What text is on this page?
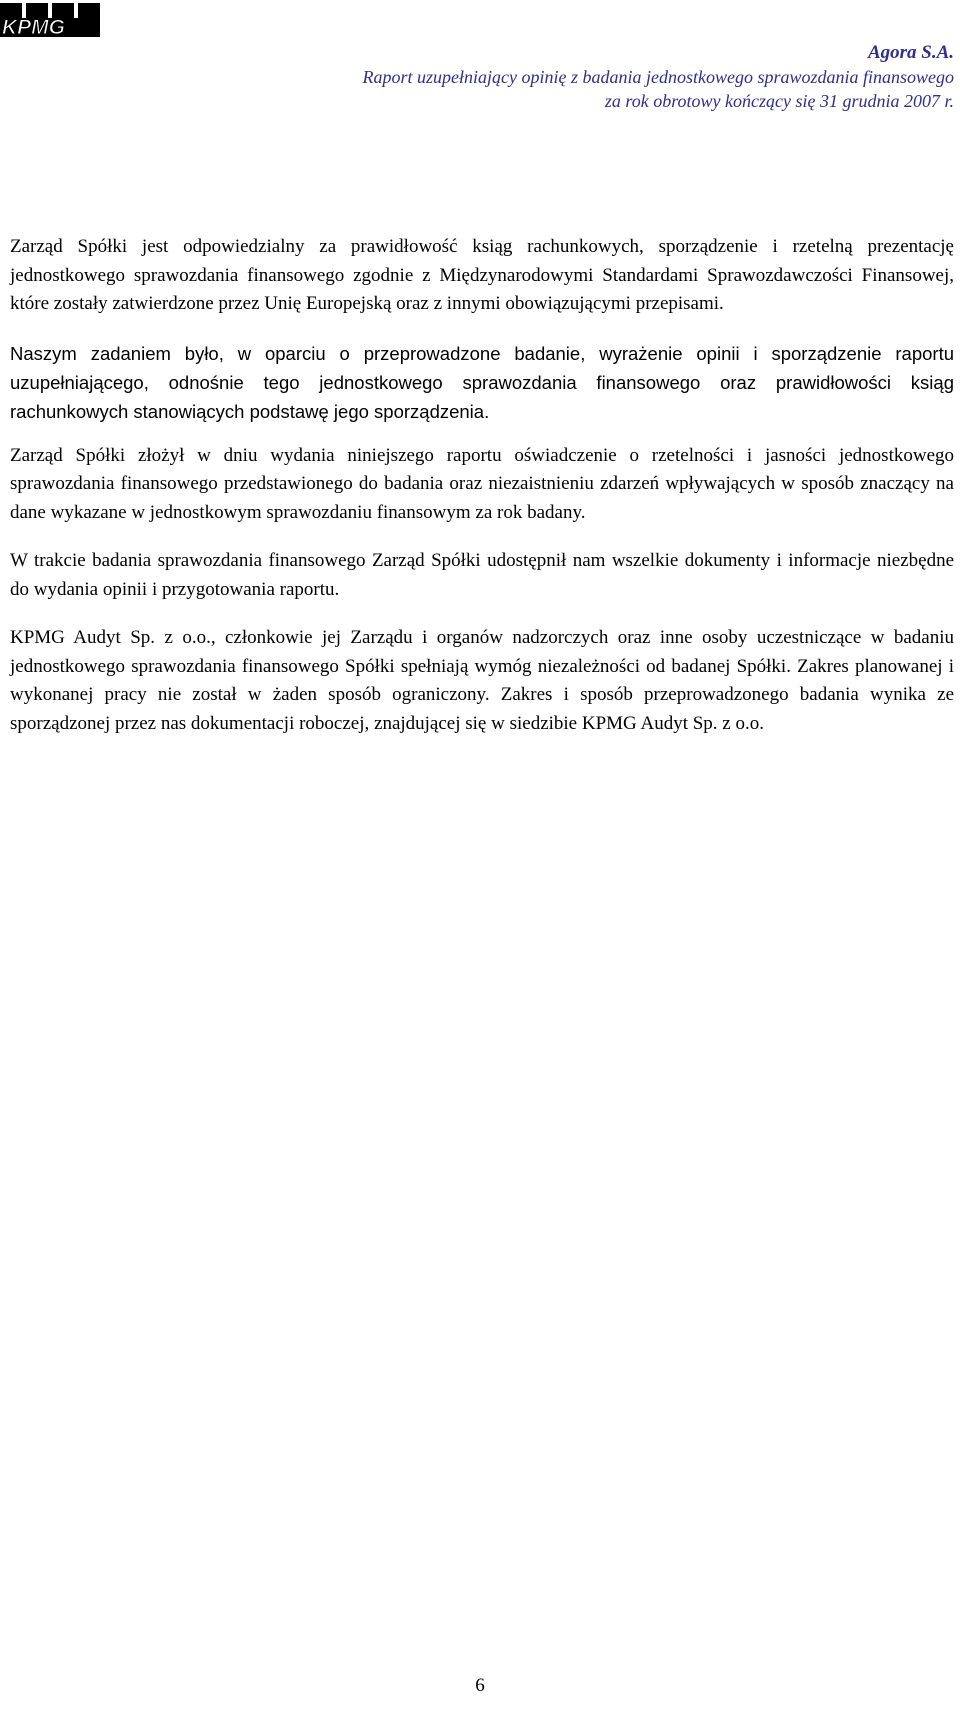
KPMG
Agora S.A.
Raport uzupełniający opinię z badania jednostkowego sprawozdania finansowego
za rok obrotowy kończący się 31 grudnia 2007 r.

Zarząd Spółki jest odpowiedzialny za prawidłowość ksiąg rachunkowych, sporządzenie i rzetelną prezentację jednostkowego sprawozdania finansowego zgodnie z Międzynarodowymi Standardami Sprawozdawczości Finansowej, które zostały zatwierdzone przez Unię Europejską oraz z innymi obowiązującymi przepisami.

Naszym zadaniem było, w oparciu o przeprowadzone badanie, wyrażenie opinii i sporządzenie raportu uzupełniającego, odnośnie tego jednostkowego sprawozdania finansowego oraz prawidłowości ksiąg rachunkowych stanowiących podstawę jego sporządzenia.

Zarząd Spółki złożył w dniu wydania niniejszego raportu oświadczenie o rzetelności i jasności jednostkowego sprawozdania finansowego przedstawionego do badania oraz niezaistnieniu zdarzeń wpływających w sposób znaczący na dane wykazane w jednostkowym sprawozdaniu finansowym za rok badany.

W trakcie badania sprawozdania finansowego Zarząd Spółki udostępnił nam wszelkie dokumenty i informacje niezbędne do wydania opinii i przygotowania raportu.

KPMG Audyt Sp. z o.o., członkowie jej Zarządu i organów nadzorczych oraz inne osoby uczestniczące w badaniu jednostkowego sprawozdania finansowego Spółki spełniają wymóg niezależności od badanej Spółki. Zakres planowanej i wykonanej pracy nie został w żaden sposób ograniczony. Zakres i sposób przeprowadzonego badania wynika ze sporządzonej przez nas dokumentacji roboczej, znajdującej się w siedzibie KPMG Audyt Sp. z o.o.

6
